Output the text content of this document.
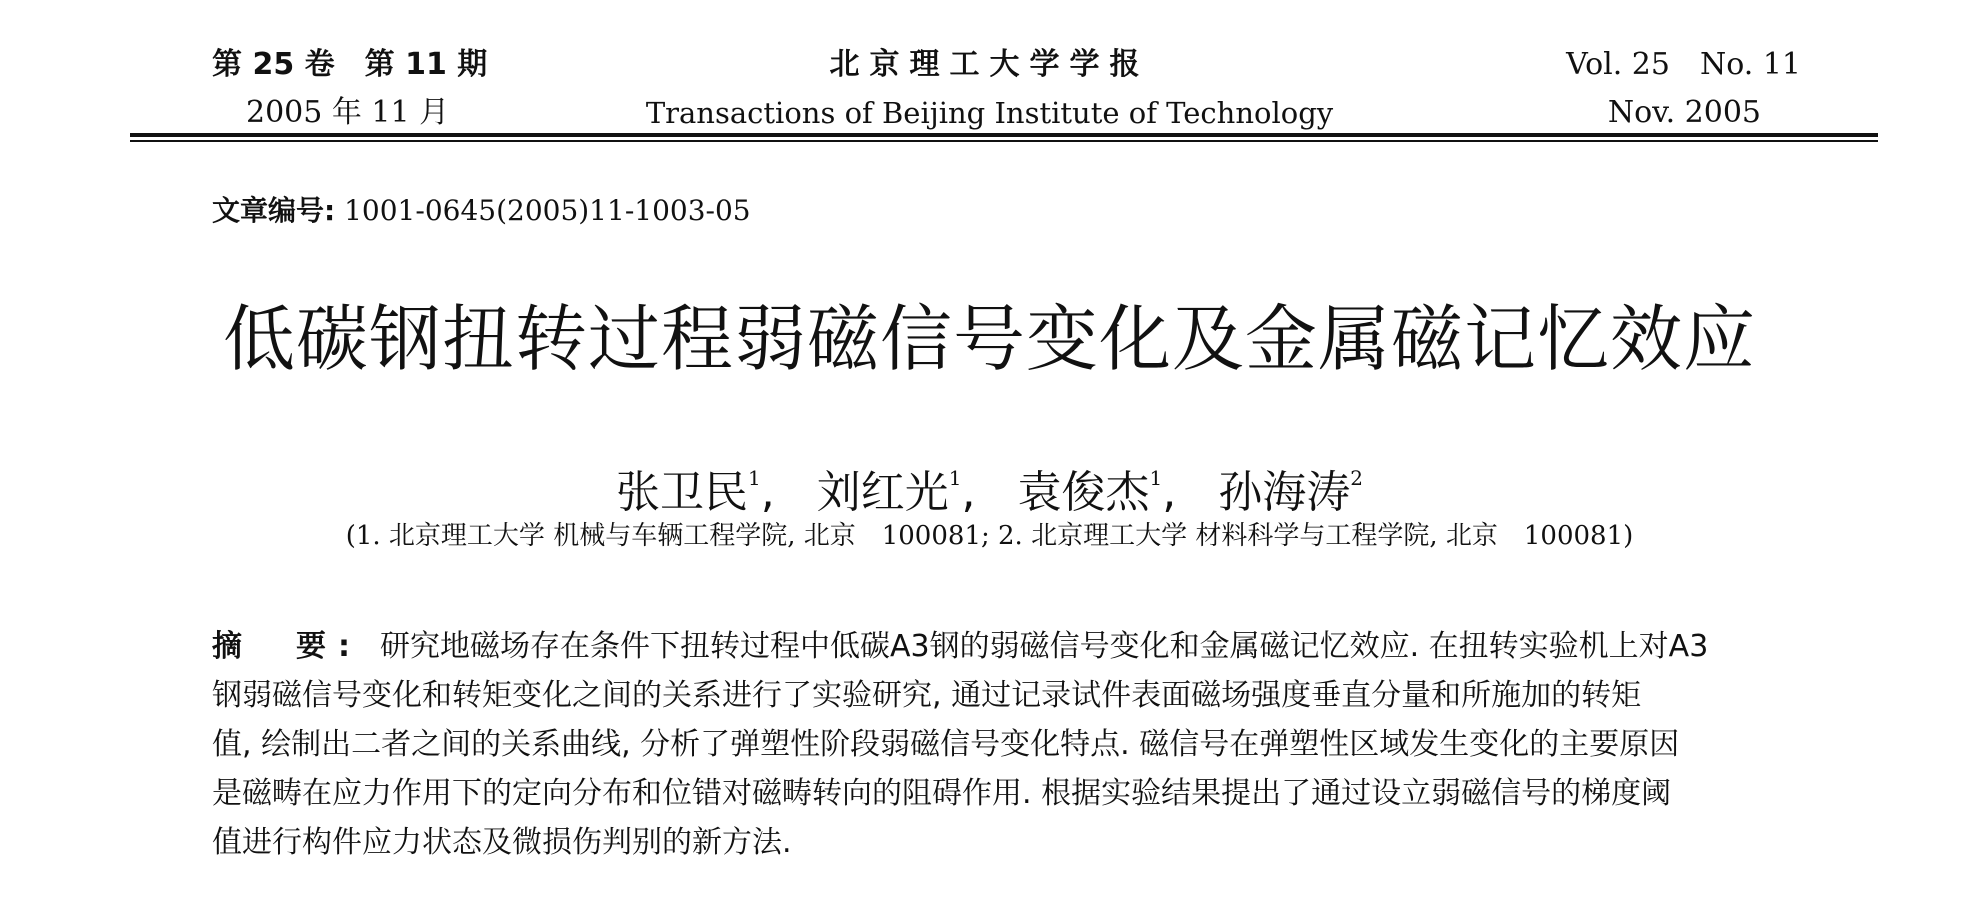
第 25 卷　第 11 期
2005 年 11 月
北京理工大学学报
Transactions of Beijing Institute of Technology
Vol. 25　No. 11
Nov. 2005
文章编号: 1001-0645(2005)11-1003-05
低碳钢扭转过程弱磁信号变化及金属磁记忆效应
张卫民$^1$, 刘红光$^1$, 袁俊杰$^1$, 孙海涛$^2$
(1. 北京理工大学 机械与车辆工程学院, 北京　100081; 2. 北京理工大学 材料科学与工程学院, 北京　100081)
摘　要: 研究地磁场存在条件下扭转过程中低碳A3钢的弱磁信号变化和金属磁记忆效应. 在扭转实验机上对A3
钢弱磁信号变化和转矩变化之间的关系进行了实验研究, 通过记录试件表面磁场强度垂直分量和所施加的转矩
值, 绘制出二者之间的关系曲线, 分析了弹塑性阶段弱磁信号变化特点. 磁信号在弹塑性区域发生变化的主要原因
是磁畴在应力作用下的定向分布和位错对磁畴转向的阻碍作用. 根据实验结果提出了通过设立弱磁信号的梯度阈
值进行构件应力状态及微损伤判别的新方法.
